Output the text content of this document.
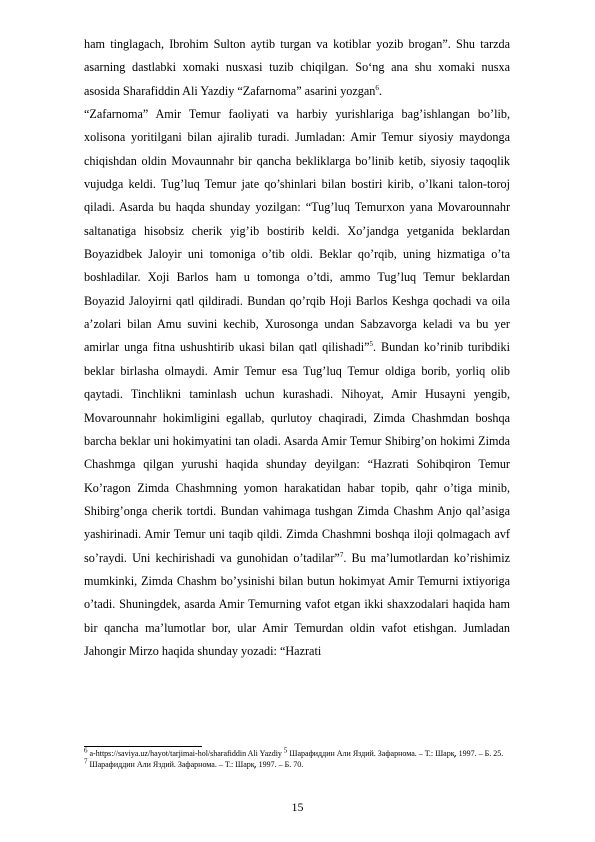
ham tinglagach, Ibrohim Sulton aytib turgan va kotiblar yozib brogan”. Shu tarzda asarning dastlabki xomaki nusxasi tuzib chiqilgan. So‘ng ana shu xomaki nusxa asosida Sharafiddin Ali Yazdiy “Zafarnoma” asarini yozgan$^6$.

“Zafarnoma” Amir Temur faoliyati va harbiy yurishlariga bag’ishlangan bo’lib, xolisona yoritilgani bilan ajiralib turadi. Jumladan: Amir Temur siyosiy maydonga chiqishdan oldin Movaunnahr bir qancha bekliklarga bo’linib ketib, siyosiy taqoqlik vujudga keldi. Tug’luq Temur jate qo’shinlari bilan bostiri kirib, o’lkani talon-toroj qiladi. Asarda bu haqda shunday yozilgan: “Tug’luq Temurxon yana Movarounnahr saltanatiga hisobsiz cherik yig’ib bostirib keldi. Xo’jandga yetganida beklardan Boyazidbek Jaloyir uni tomoniga o’tib oldi. Beklar qo’rqib, uning hizmatiga o’ta boshladilar. Xoji Barlos ham u tomonga o’tdi, ammo Tug’luq Temur beklardan Boyazid Jaloyirni qatl qildiradi. Bundan qo’rqib Hoji Barlos Keshga qochadi va oila a’zolari bilan Amu suvini kechib, Xurosonga undan Sabzavorga keladi va bu yer amirlar unga fitna ushushtirib ukasi bilan qatl qilishadi”$^5$. Bundan ko’rinib turibdiki beklar birlasha olmaydi. Amir Temur esa Tug’luq Temur oldiga borib, yorliq olib qaytadi. Tinchlikni taminlash uchun kurashadi. Nihoyat, Amir Husayni yengib, Movarounnahr hokimligini egallab, qurlutoy chaqiradi, Zimda Chashmdan boshqa barcha beklar uni hokimyatini tan oladi. Asarda Amir Temur Shibirg’on hokimi Zimda Chashmga qilgan yurushi haqida shunday deyilgan: “Hazrati Sohibqiron Temur Ko’ragon Zimda Chashmning yomon harakatidan habar topib, qahr o’tiga minib, Shibirg’onga cherik tortdi. Bundan vahimaga tushgan Zimda Chashm Anjo qal’asiga yashirinadi. Amir Temur uni taqib qildi. Zimda Chashmni boshqa iloji qolmagach avf so’raydi. Uni kechirishadi va gunohidan o’tadilar”$^7$. Bu ma’lumotlardan ko’rishimiz mumkinki, Zimda Chashm bo’ysinishi bilan butun hokimyat Amir Temurni ixtiyoriga o’tadi. Shuningdek, asarda Amir Temurning vafot etgan ikki shaxzodalari haqida ham bir qancha ma’lumotlar bor, ular Amir Temurdan oldin vafot etishgan. Jumladan Jahongir Mirzo haqida shunday yozadi: “Hazrati

$^6$ a-https://saviya.uz/hayot/tarjimai-hol/sharafiddin Ali Yazdiy $^5$ Шарафиддин Али Яздий. Зафарнома. – Т.: Шарқ, 1997. – Б. 25.

$^7$ Шарафиддин Али Яздий. Зафарнома. – Т.: Шарқ, 1997. – Б. 70.

15
